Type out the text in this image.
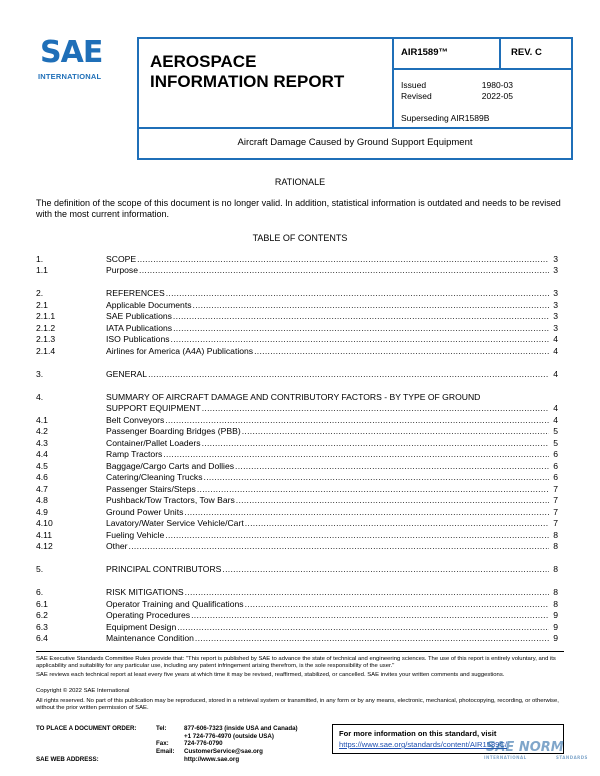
SAE
INTERNATIONAL
AEROSPACE
INFORMATION REPORT
AIR1589™	REV. C
Issued	1980-03
Revised	2022-05
Superseding AIR1589B
Aircraft Damage Caused by Ground Support Equipment
RATIONALE
The definition of the scope of this document is no longer valid. In addition, statistical information is outdated and needs to be revised with the most current information.
TABLE OF CONTENTS
1.	SCOPE .....	3
1.1	Purpose .....	3
2.	REFERENCES .....	3
2.1	Applicable Documents .....	3
2.1.1	SAE Publications .....	3
2.1.2	IATA Publications .....	3
2.1.3	ISO Publications .....	4
2.1.4	Airlines for America (A4A) Publications .....	4
3.	GENERAL .....	4
4.	SUMMARY OF AIRCRAFT DAMAGE AND CONTRIBUTORY FACTORS - BY TYPE OF GROUND
SUPPORT EQUIPMENT .....	4
4.1	Belt Conveyors .....	4
4.2	Passenger Boarding Bridges (PBB) .....	5
4.3	Container/Pallet Loaders .....	5
4.4	Ramp Tractors .....	6
4.5	Baggage/Cargo Carts and Dollies .....	6
4.6	Catering/Cleaning Trucks .....	6
4.7	Passenger Stairs/Steps .....	7
4.8	Pushback/Tow Tractors, Tow Bars .....	7
4.9	Ground Power Units .....	7
4.10	Lavatory/Water Service Vehicle/Cart .....	7
4.11	Fueling Vehicle .....	8
4.12	Other .....	8
5.	PRINCIPAL CONTRIBUTORS .....	8
6.	RISK MITIGATIONS .....	8
6.1	Operator Training and Qualifications .....	8
6.2	Operating Procedures .....	9
6.3	Equipment Design .....	9
6.4	Maintenance Condition .....	9
SAE Executive Standards Committee Rules provide that: "This report is published by SAE to advance the state of technical and engineering sciences. The use of this report is entirely voluntary, and its applicability and suitability for any particular use, including any patent infringement arising therefrom, is the sole responsibility of the user."
SAE reviews each technical report at least every five years at which time it may be revised, reaffirmed, stabilized, or cancelled. SAE invites your written comments and suggestions.
Copyright © 2022 SAE International
All rights reserved. No part of this publication may be reproduced, stored in a retrieval system or transmitted, in any form or by any means, electronic, mechanical, photocopying, recording, or otherwise, without the prior written permission of SAE.
TO PLACE A DOCUMENT ORDER:	Tel:	877-606-7323 (inside USA and Canada)
+1 724-776-4970 (outside USA)
Fax: 724-776-0790
Email: CustomerService@sae.org
SAE WEB ADDRESS:	http://www.sae.org
For more information on this standard, visit
https://www.sae.org/standards/content/AIR1589C/
SAE NORM
INTERNATIONAL	STANDARDS
